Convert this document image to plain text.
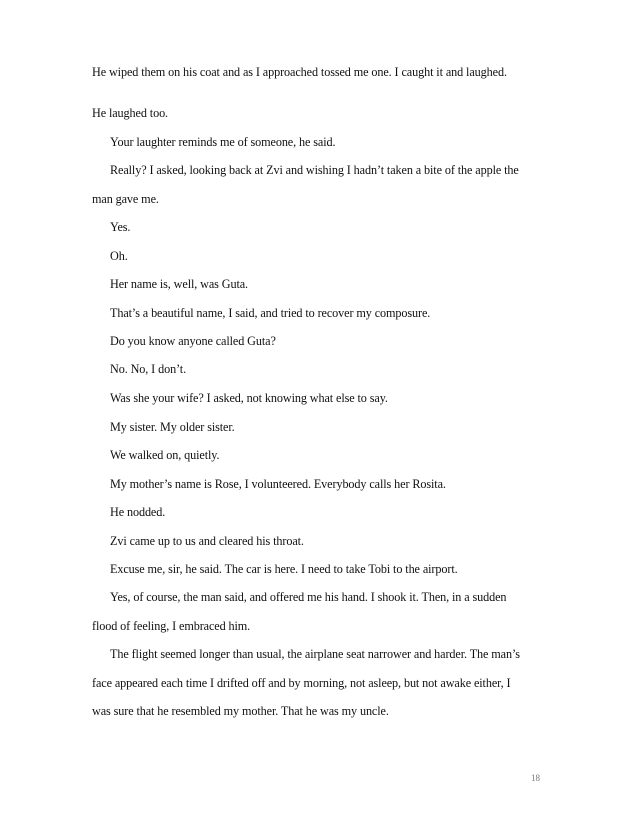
He wiped them on his coat and as I approached tossed me one. I caught it and laughed.
He laughed too.
Your laughter reminds me of someone, he said.
Really? I asked, looking back at Zvi and wishing I hadn’t taken a bite of the apple the
man gave me.
Yes.
Oh.
Her name is, well, was Guta.
That’s a beautiful name, I said, and tried to recover my composure.
Do you know anyone called Guta?
No. No, I don’t.
Was she your wife? I asked, not knowing what else to say.
My sister. My older sister.
We walked on, quietly.
My mother’s name is Rose, I volunteered. Everybody calls her Rosita.
He nodded.
Zvi came up to us and cleared his throat.
Excuse me, sir, he said. The car is here. I need to take Tobi to the airport.
Yes, of course, the man said, and offered me his hand. I shook it. Then, in a sudden
flood of feeling, I embraced him.
The flight seemed longer than usual, the airplane seat narrower and harder. The man’s
face appeared each time I drifted off and by morning, not asleep, but not awake either, I
was sure that he resembled my mother. That he was my uncle.
18
